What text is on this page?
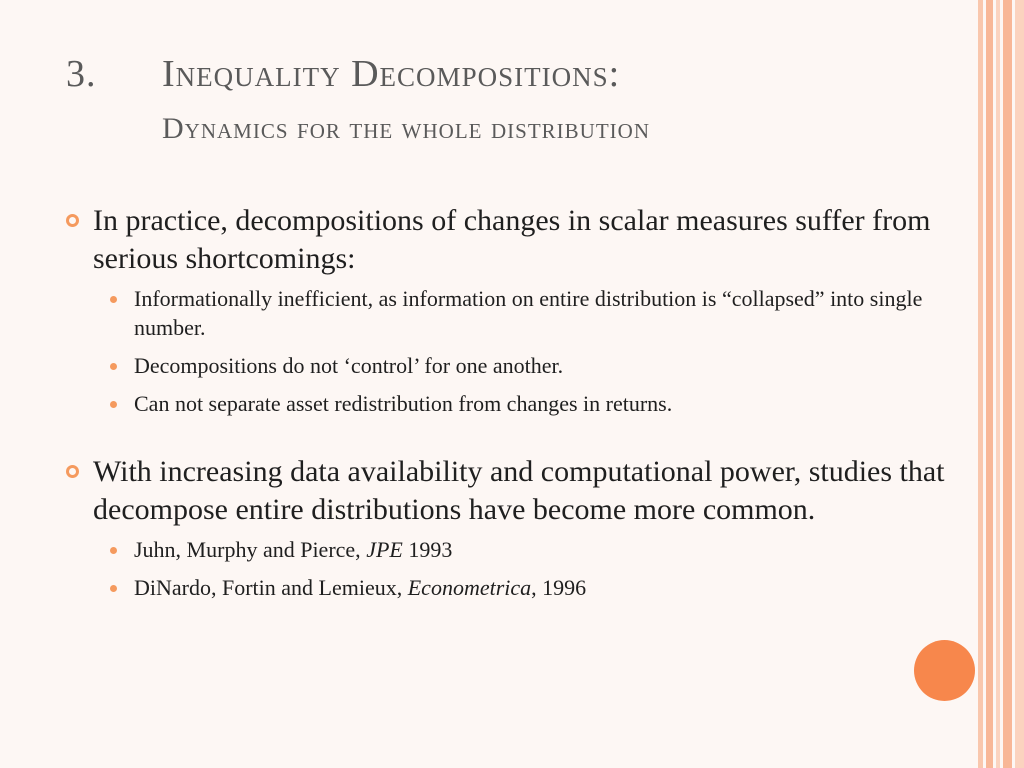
3. Inequality Decompositions:
Dynamics for the whole distribution
In practice, decompositions of changes in scalar measures suffer from serious shortcomings:
Informationally inefficient, as information on entire distribution is “collapsed” into single number.
Decompositions do not ‘control’ for one another.
Can not separate asset redistribution from changes in returns.
With increasing data availability and computational power, studies that decompose entire distributions have become more common.
Juhn, Murphy and Pierce, JPE 1993
DiNardo, Fortin and Lemieux, Econometrica, 1996
